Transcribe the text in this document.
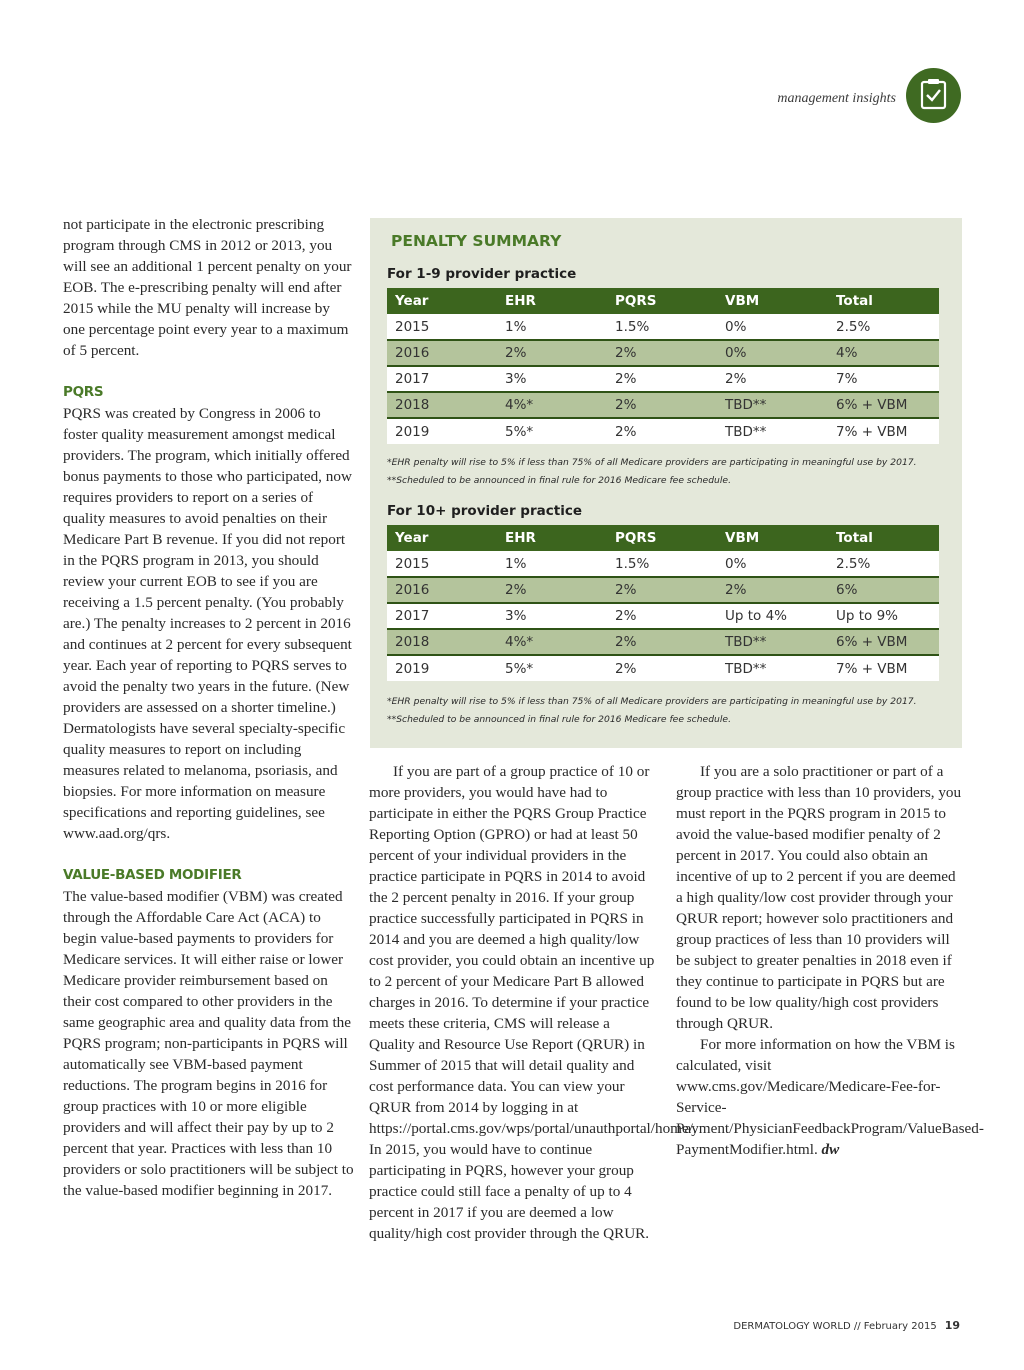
management insights

not participate in the electronic prescribing program through CMS in 2012 or 2013, you will see an additional 1 percent penalty on your EOB. The e-prescribing penalty will end after 2015 while the MU penalty will increase by one percentage point every year to a maximum of 5 percent.

PQRS

PQRS was created by Congress in 2006 to foster quality measurement amongst medical providers. The program, which initially offered bonus payments to those who participated, now requires providers to report on a series of quality measures to avoid penalties on their Medicare Part B revenue. If you did not report in the PQRS program in 2013, you should review your current EOB to see if you are receiving a 1.5 percent penalty. (You probably are.) The penalty increases to 2 percent in 2016 and continues at 2 percent for every subsequent year. Each year of reporting to PQRS serves to avoid the penalty two years in the future. (New providers are assessed on a shorter timeline.) Dermatologists have several specialty-specific quality measures to report on including measures related to melanoma, psoriasis, and biopsies. For more information on measure specifications and reporting guidelines, see www.aad.org/qrs.

VALUE-BASED MODIFIER

The value-based modifier (VBM) was created through the Affordable Care Act (ACA) to begin value-based payments to providers for Medicare services. It will either raise or lower Medicare provider reimbursement based on their cost compared to other providers in the same geographic area and quality data from the PQRS program; non-participants in PQRS will automatically see VBM-based payment reductions. The program begins in 2016 for group practices with 10 or more eligible providers and will affect their pay by up to 2 percent that year. Practices with less than 10 providers or solo practitioners will be subject to the value-based modifier beginning in 2017.

PENALTY SUMMARY
For 1-9 provider practice
Year	EHR	PQRS	VBM	Total
2015	1%	1.5%	0%	2.5%
2016	2%	2%	0%	4%
2017	3%	2%	2%	7%
2018	4%*	2%	TBD**	6% + VBM
2019	5%*	2%	TBD**	7% + VBM
*EHR penalty will rise to 5% if less than 75% of all Medicare providers are participating in meaningful use by 2017.
**Scheduled to be announced in final rule for 2016 Medicare fee schedule.
For 10+ provider practice
Year	EHR	PQRS	VBM	Total
2015	1%	1.5%	0%	2.5%
2016	2%	2%	2%	6%
2017	3%	2%	Up to 4%	Up to 9%
2018	4%*	2%	TBD**	6% + VBM
2019	5%*	2%	TBD**	7% + VBM
*EHR penalty will rise to 5% if less than 75% of all Medicare providers are participating in meaningful use by 2017.
**Scheduled to be announced in final rule for 2016 Medicare fee schedule.

If you are part of a group practice of 10 or more providers, you would have had to participate in either the PQRS Group Practice Reporting Option (GPRO) or had at least 50 percent of your individual providers in the practice participate in PQRS in 2014 to avoid the 2 percent penalty in 2016. If your group practice successfully participated in PQRS in 2014 and you are deemed a high quality/low cost provider, you could obtain an incentive up to 2 percent of your Medicare Part B allowed charges in 2016. To determine if your practice meets these criteria, CMS will release a Quality and Resource Use Report (QRUR) in Summer of 2015 that will detail quality and cost performance data. You can view your QRUR from 2014 by logging in at https://portal.cms.gov/wps/portal/unauthportal/home/. In 2015, you would have to continue participating in PQRS, however your group practice could still face a penalty of up to 4 percent in 2017 if you are deemed a low quality/high cost provider through the QRUR.

If you are a solo practitioner or part of a group practice with less than 10 providers, you must report in the PQRS program in 2015 to avoid the value-based modifier penalty of 2 percent in 2017. You could also obtain an incentive of up to 2 percent if you are deemed a high quality/low cost provider through your QRUR report; however solo practitioners and group practices of less than 10 providers will be subject to greater penalties in 2018 even if they continue to participate in PQRS but are found to be low quality/high cost providers through QRUR.

For more information on how the VBM is calculated, visit www.cms.gov/Medicare/Medicare-Fee-for-Service-Payment/PhysicianFeedbackProgram/ValueBased-PaymentModifier.html. dw

DERMATOLOGY WORLD // February 2015 19
